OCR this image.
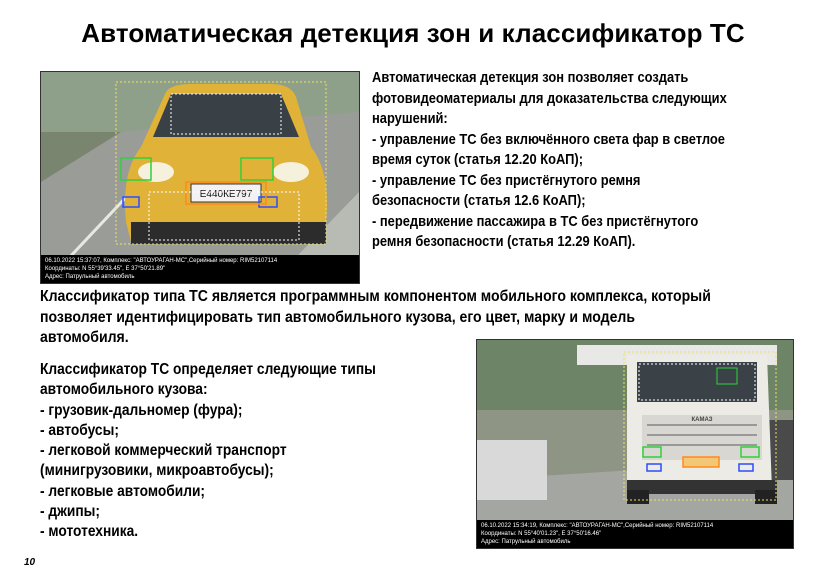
Автоматическая детекция зон и классификатор ТС
Е440КЕ797
06.10.2022 15:37:07, Комплекс: "АВТОУРАГАН-МС",Серийный номер: RIM52107114
Координаты: N 55°39'33.45", E 37°50'21.89"
Адрес: Патрульный автомобиль
Автоматическая детекция зон позволяет создать
фотовидеоматериалы для доказательства следующих
нарушений:
- управление ТС без включённого света фар в светлое
время суток (статья 12.20 КоАП);
- управление ТС без пристёгнутого ремня
безопасности (статья 12.6 КоАП);
- передвижение пассажира в ТС без пристёгнутого
ремня безопасности (статья 12.29 КоАП).
Классификатор типа ТС является программным компонентом мобильного комплекса, который
позволяет идентифицировать тип автомобильного кузова, его цвет, марку и модель
автомобиля.
Классификатор ТС определяет следующие типы
автомобильного кузова:
- грузовик-дальномер (фура);
- автобусы;
- легковой коммерческий транспорт
(минигрузовики, микроавтобусы);
- легковые автомобили;
- джипы;
- мототехника.
КАМАЗ
06.10.2022 15:34:19, Комплекс: "АВТОУРАГАН-МС",Серийный номер: RIM52107114
Координаты: N 55°40'01.23", E 37°50'16.46"
Адрес: Патрульный автомобиль
10
